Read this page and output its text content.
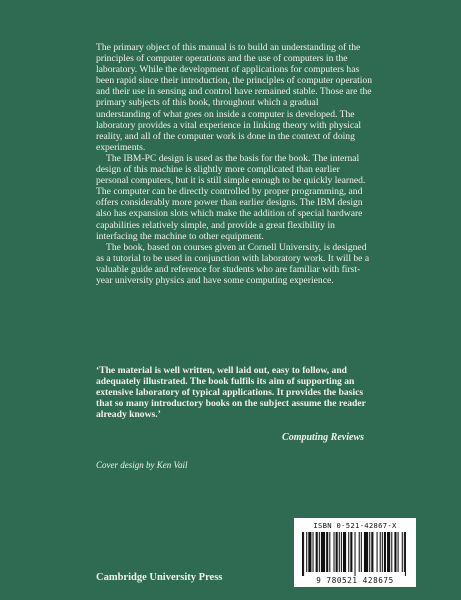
The primary object of this manual is to build an understanding of the principles of computer operations and the use of computers in the laboratory. While the development of applications for computers has been rapid since their introduction, the principles of computer operation and their use in sensing and control have remained stable. Those are the primary subjects of this book, throughout which a gradual understanding of what goes on inside a computer is developed. The laboratory provides a vital experience in linking theory with physical reality, and all of the computer work is done in the context of doing experiments.

The IBM-PC design is used as the basis for the book. The internal design of this machine is slightly more complicated than earlier personal computers, but it is still simple enough to be quickly learned. The computer can be directly controlled by proper programming, and offers considerably more power than earlier designs. The IBM design also has expansion slots which make the addition of special hardware capabilities relatively simple, and provide a great flexibility in interfacing the machine to other equipment.

The book, based on courses given at Cornell University, is designed as a tutorial to be used in conjunction with laboratory work. It will be a valuable guide and reference for students who are familiar with first-year university physics and have some computing experience.

‘The material is well written, well laid out, easy to follow, and adequately illustrated. The book fulfils its aim of supporting an extensive laboratory of typical applications. It provides the basics that so many introductory books on the subject assume the reader already knows.’
Computing Reviews
Cover design by Ken Vail
Cambridge University Press
ISBN 0-521-42867-X
9 780521 428675
